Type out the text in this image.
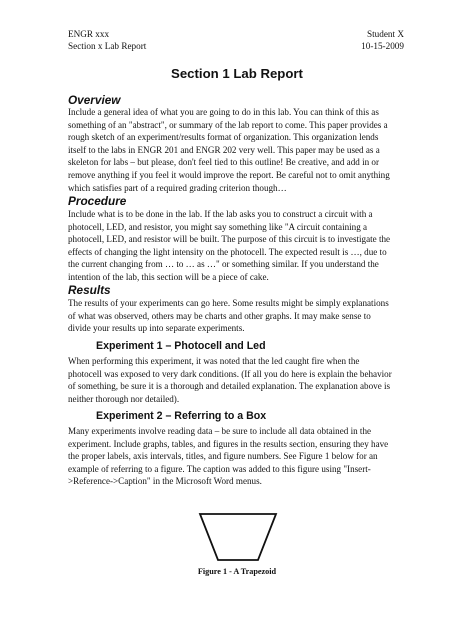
ENGR xxx
Section x Lab Report
Student X
10-15-2009
Section 1 Lab Report
Overview
Include a general idea of what you are going to do in this lab. You can think of this as
something of an "abstract", or summary of the lab report to come. This paper provides a
rough sketch of an experiment/results format of organization. This organization lends
itself to the labs in ENGR 201 and ENGR 202 very well. This paper may be used as a
skeleton for labs – but please, don't feel tied to this outline! Be creative, and add in or
remove anything if you feel it would improve the report. Be careful not to omit anything
which satisfies part of a required grading criterion though…
Procedure
Include what is to be done in the lab. If the lab asks you to construct a circuit with a
photocell, LED, and resistor, you might say something like "A circuit containing a
photocell, LED, and resistor will be built. The purpose of this circuit is to investigate the
effects of changing the light intensity on the photocell. The expected result is …, due to
the current changing from … to … as …" or something similar. If you understand the
intention of the lab, this section will be a piece of cake.
Results
The results of your experiments can go here. Some results might be simply explanations
of what was observed, others may be charts and other graphs. It may make sense to
divide your results up into separate experiments.
Experiment 1 – Photocell and Led
When performing this experiment, it was noted that the led caught fire when the
photocell was exposed to very dark conditions. (If all you do here is explain the behavior
of something, be sure it is a thorough and detailed explanation. The explanation above is
neither thorough nor detailed).
Experiment 2 – Referring to a Box
Many experiments involve reading data – be sure to include all data obtained in the
experiment. Include graphs, tables, and figures in the results section, ensuring they have
the proper labels, axis intervals, titles, and figure numbers. See Figure 1 below for an
example of referring to a figure. The caption was added to this figure using "Insert-
>Reference->Caption" in the Microsoft Word menus.
Figure 1 - A Trapezoid
